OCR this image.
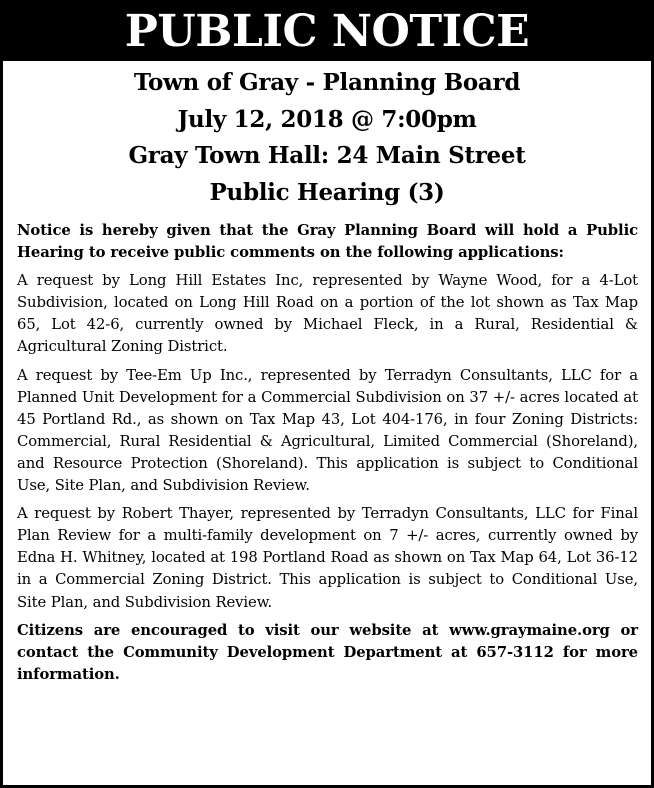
PUBLIC NOTICE
Town of Gray - Planning Board
July 12, 2018 @ 7:00pm
Gray Town Hall: 24 Main Street
Public Hearing (3)

Notice is hereby given that the Gray Planning Board will hold a Public Hearing to receive public comments on the following applications:

A request by Long Hill Estates Inc, represented by Wayne Wood, for a 4-Lot Subdivision, located on Long Hill Road on a portion of the lot shown as Tax Map 65, Lot 42-6, currently owned by Michael Fleck, in a Rural, Residential & Agricultural Zoning District.

A request by Tee-Em Up Inc., represented by Terradyn Consultants, LLC for a Planned Unit Development for a Commercial Subdivision on 37 +/- acres located at 45 Portland Rd., as shown on Tax Map 43, Lot 404-176, in four Zoning Districts: Commercial, Rural Residential & Agricultural, Limited Commercial (Shoreland), and Resource Protection (Shoreland). This application is subject to Conditional Use, Site Plan, and Subdivision Review.

A request by Robert Thayer, represented by Terradyn Consultants, LLC for Final Plan Review for a multi-family development on 7 +/- acres, currently owned by Edna H. Whitney, located at 198 Portland Road as shown on Tax Map 64, Lot 36-12 in a Commercial Zoning District. This application is subject to Conditional Use, Site Plan, and Subdivision Review.

Citizens are encouraged to visit our website at www.graymaine.org or contact the Community Development Department at 657-3112 for more information.
